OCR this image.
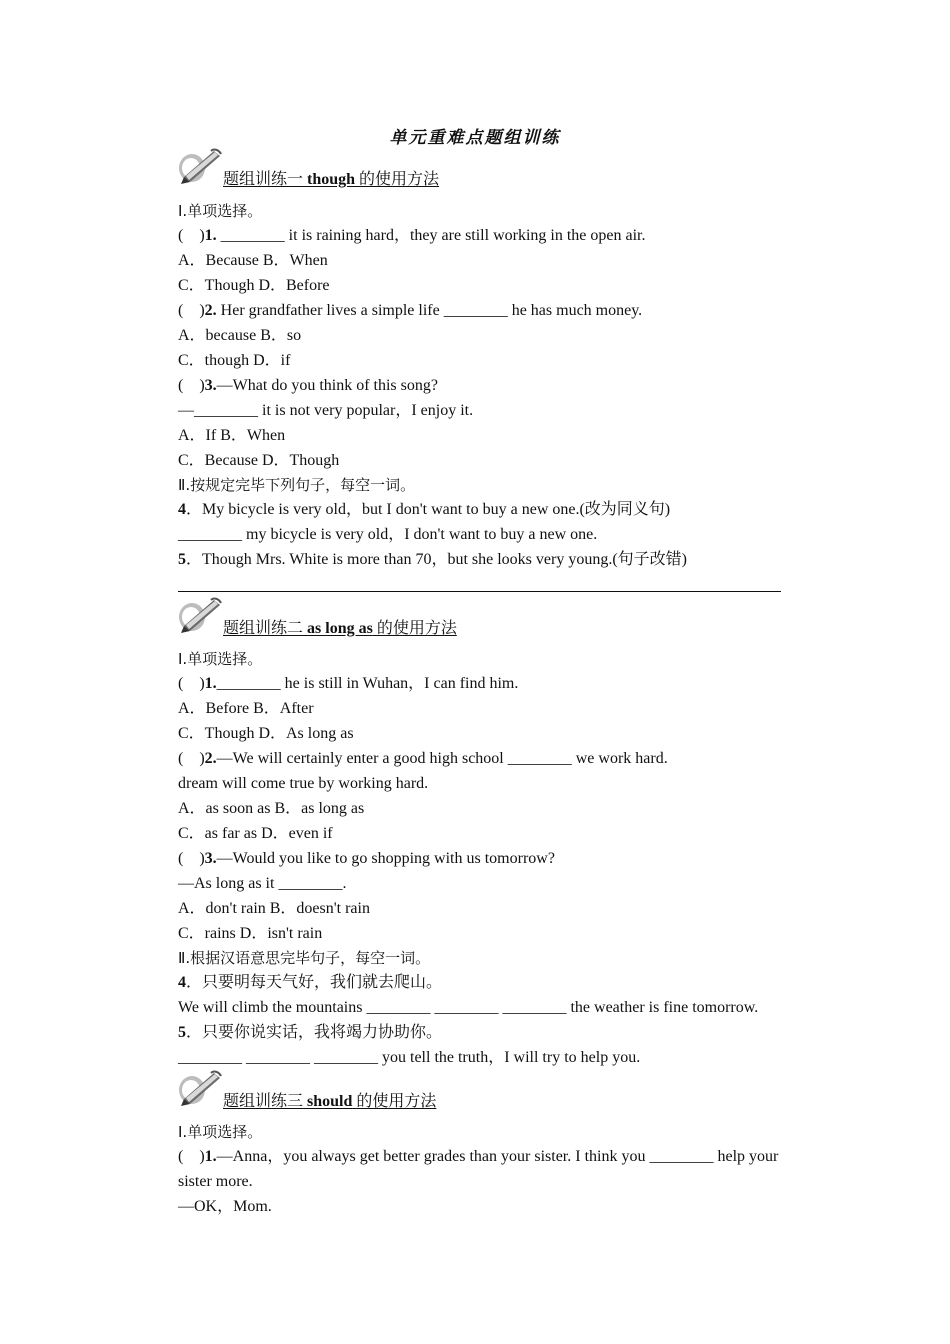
单元重难点题组训练
题组训练一 though 的使用方法
Ⅰ.单项选择。
(　)1. ________ it is raining hard，they are still working in the open air.
A．Because B．When
C．Though D．Before
(　)2. Her grandfather lives a simple life ________ he has much money.
A．because B．so
C．though D．if
(　)3.—What do you think of this song?
—________ it is not very popular，I enjoy it.
A．If B．When
C．Because D．Though
Ⅱ.按规定完毕下列句子，每空一词。
4．My bicycle is very old，but I don't want to buy a new one.(改为同义句)
________ my bicycle is very old，I don't want to buy a new one.
5．Though Mrs. White is more than 70，but she looks very young.(句子改错)
题组训练二 as long as 的使用方法
Ⅰ.单项选择。
(　)1.________ he is still in Wuhan，I can find him.
A．Before B．After
C．Though D．As long as
(　)2.—We will certainly enter a good high school ________ we work hard.
dream will come true by working hard.
A．as soon as B．as long as
C．as far as D．even if
(　)3.—Would you like to go shopping with us tomorrow?
—As long as it ________.
A．don't rain B．doesn't rain
C．rains D．isn't rain
Ⅱ.根据汉语意思完毕句子，每空一词。
4．只要明每天气好，我们就去爬山。
We will climb the mountains ________ ________ ________ the weather is fine tomorrow.
5．只要你说实话，我将竭力协助你。
________ ________ ________ you tell the truth，I will try to help you.
题组训练三 should 的使用方法
Ⅰ.单项选择。
(　)1.—Anna，you always get better grades than your sister. I think you ________ help your
sister more.
—OK，Mom.
